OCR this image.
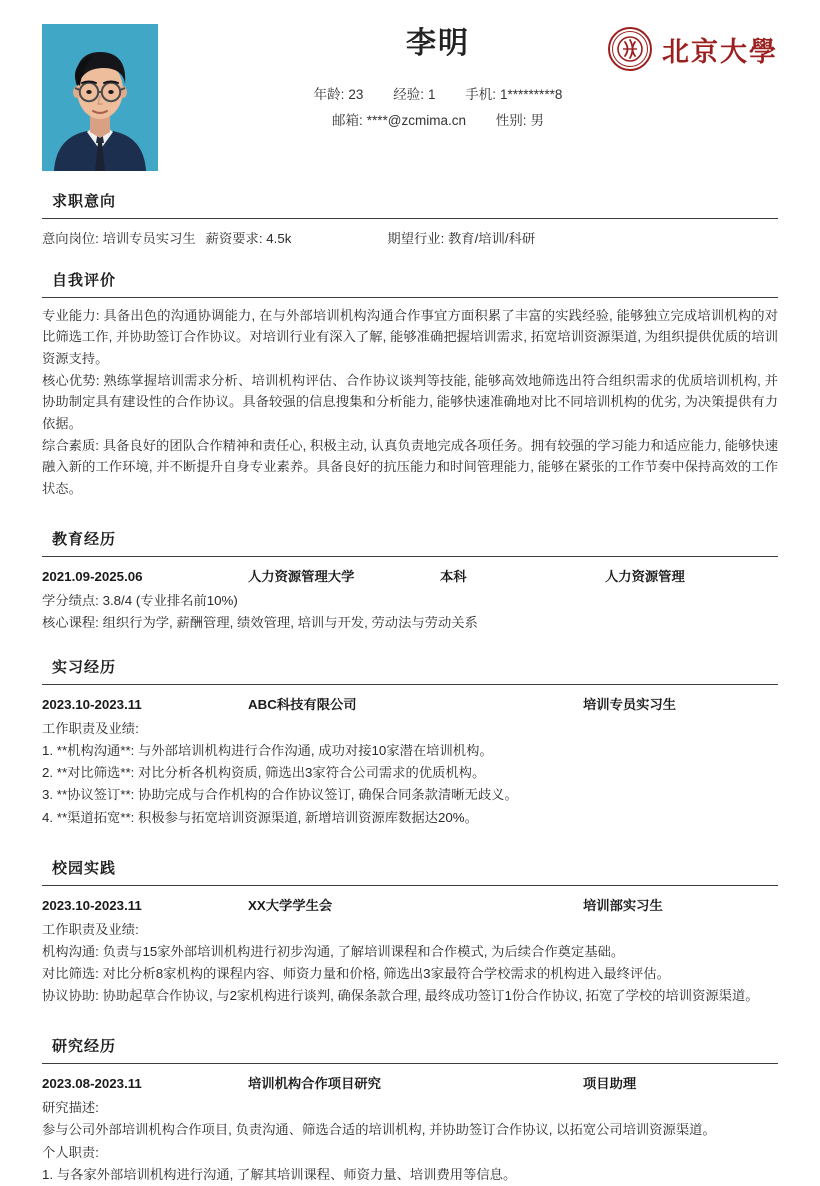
李明
年龄: 23 经验: 1 手机: 1*********8
邮箱: ****@zcmima.cn 性别: 男
北京大學
求职意向
意向岗位: 培训专员实习生 薪资要求: 4.5k	期望行业: 教育/培训/科研
自我评价

专业能力: 具备出色的沟通协调能力, 在与外部培训机构沟通合作事宜方面积累了丰富的实践经验, 能够独立完成培训机构的对比筛选工作, 并协助签订合作协议。对培训行业有深入了解, 能够准确把握培训需求, 拓宽培训资源渠道, 为组织提供优质的培训资源支持。

核心优势: 熟练掌握培训需求分析、培训机构评估、合作协议谈判等技能, 能够高效地筛选出符合组织需求的优质培训机构, 并协助制定具有建设性的合作协议。具备较强的信息搜集和分析能力, 能够快速准确地对比不同培训机构的优劣, 为决策提供有力依据。

综合素质: 具备良好的团队合作精神和责任心, 积极主动, 认真负责地完成各项任务。拥有较强的学习能力和适应能力, 能够快速融入新的工作环境, 并不断提升自身专业素养。具备良好的抗压能力和时间管理能力, 能够在紧张的工作节奏中保持高效的工作状态。

教育经历
2021.09-2025.06	人力资源管理大学	本科	人力资源管理

学分绩点: 3.8/4 (专业排名前10%)

核心课程: 组织行为学, 薪酬管理, 绩效管理, 培训与开发, 劳动法与劳动关系

实习经历
2023.10-2023.11	ABC科技有限公司	培训专员实习生

工作职责及业绩:

1. **机构沟通**: 与外部培训机构进行合作沟通, 成功对接10家潜在培训机构。

2. **对比筛选**: 对比分析各机构资质, 筛选出3家符合公司需求的优质机构。

3. **协议签订**: 协助完成与合作机构的合作协议签订, 确保合同条款清晰无歧义。

4. **渠道拓宽**: 积极参与拓宽培训资源渠道, 新增培训资源库数据达20%。

校园实践
2023.10-2023.11	XX大学学生会	培训部实习生

工作职责及业绩:

机构沟通: 负责与15家外部培训机构进行初步沟通, 了解培训课程和合作模式, 为后续合作奠定基础。

对比筛选: 对比分析8家机构的课程内容、师资力量和价格, 筛选出3家最符合学校需求的机构进入最终评估。

协议协助: 协助起草合作协议, 与2家机构进行谈判, 确保条款合理, 最终成功签订1份合作协议, 拓宽了学校的培训资源渠道。

研究经历
2023.08-2023.11	培训机构合作项目研究	项目助理

研究描述:

参与公司外部培训机构合作项目, 负责沟通、筛选合适的培训机构, 并协助签订合作协议, 以拓宽公司培训资源渠道。

个人职责:

1. 与各家外部培训机构进行沟通, 了解其培训课程、师资力量、培训费用等信息。
